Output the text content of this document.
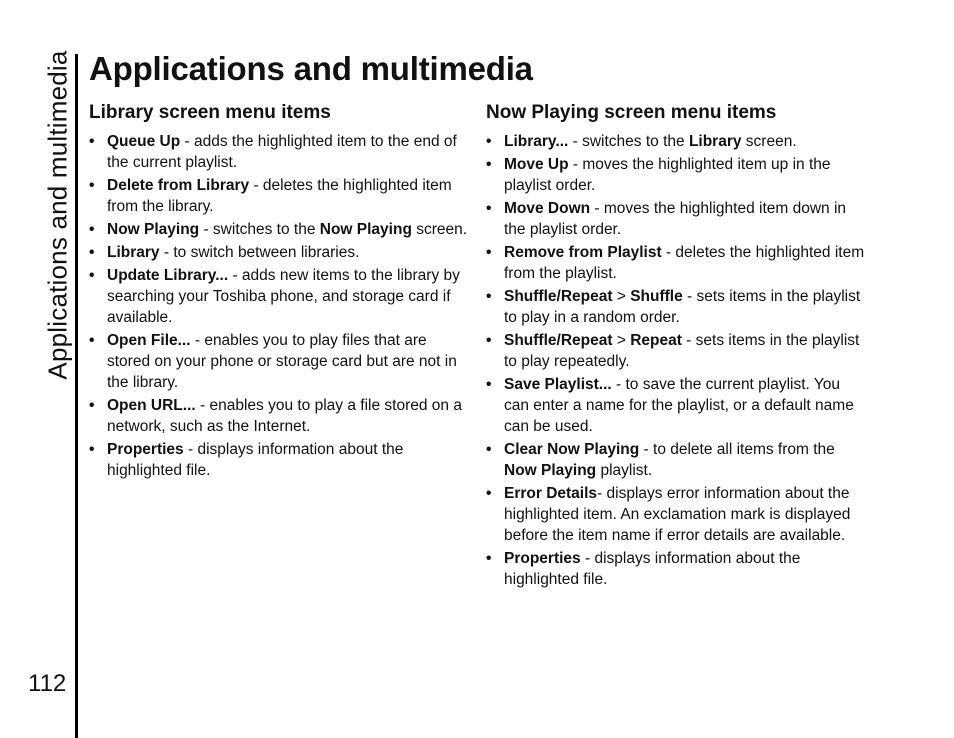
Applications and multimedia
112
Applications and multimedia
Library screen menu items
• Queue Up - adds the highlighted item to the end of the current playlist.
• Delete from Library - deletes the highlighted item from the library.
• Now Playing - switches to the Now Playing screen.
• Library - to switch between libraries.
• Update Library... - adds new items to the library by searching your Toshiba phone, and storage card if available.
• Open File... - enables you to play files that are stored on your phone or storage card but are not in the library.
• Open URL... - enables you to play a file stored on a network, such as the Internet.
• Properties - displays information about the highlighted file.
Now Playing screen menu items
• Library... - switches to the Library screen.
• Move Up - moves the highlighted item up in the playlist order.
• Move Down - moves the highlighted item down in the playlist order.
• Remove from Playlist - deletes the highlighted item from the playlist.
• Shuffle/Repeat > Shuffle - sets items in the playlist to play in a random order.
• Shuffle/Repeat > Repeat - sets items in the playlist to play repeatedly.
• Save Playlist... - to save the current playlist. You can enter a name for the playlist, or a default name can be used.
• Clear Now Playing - to delete all items from the Now Playing playlist.
• Error Details- displays error information about the highlighted item. An exclamation mark is displayed before the item name if error details are available.
• Properties - displays information about the highlighted file.
